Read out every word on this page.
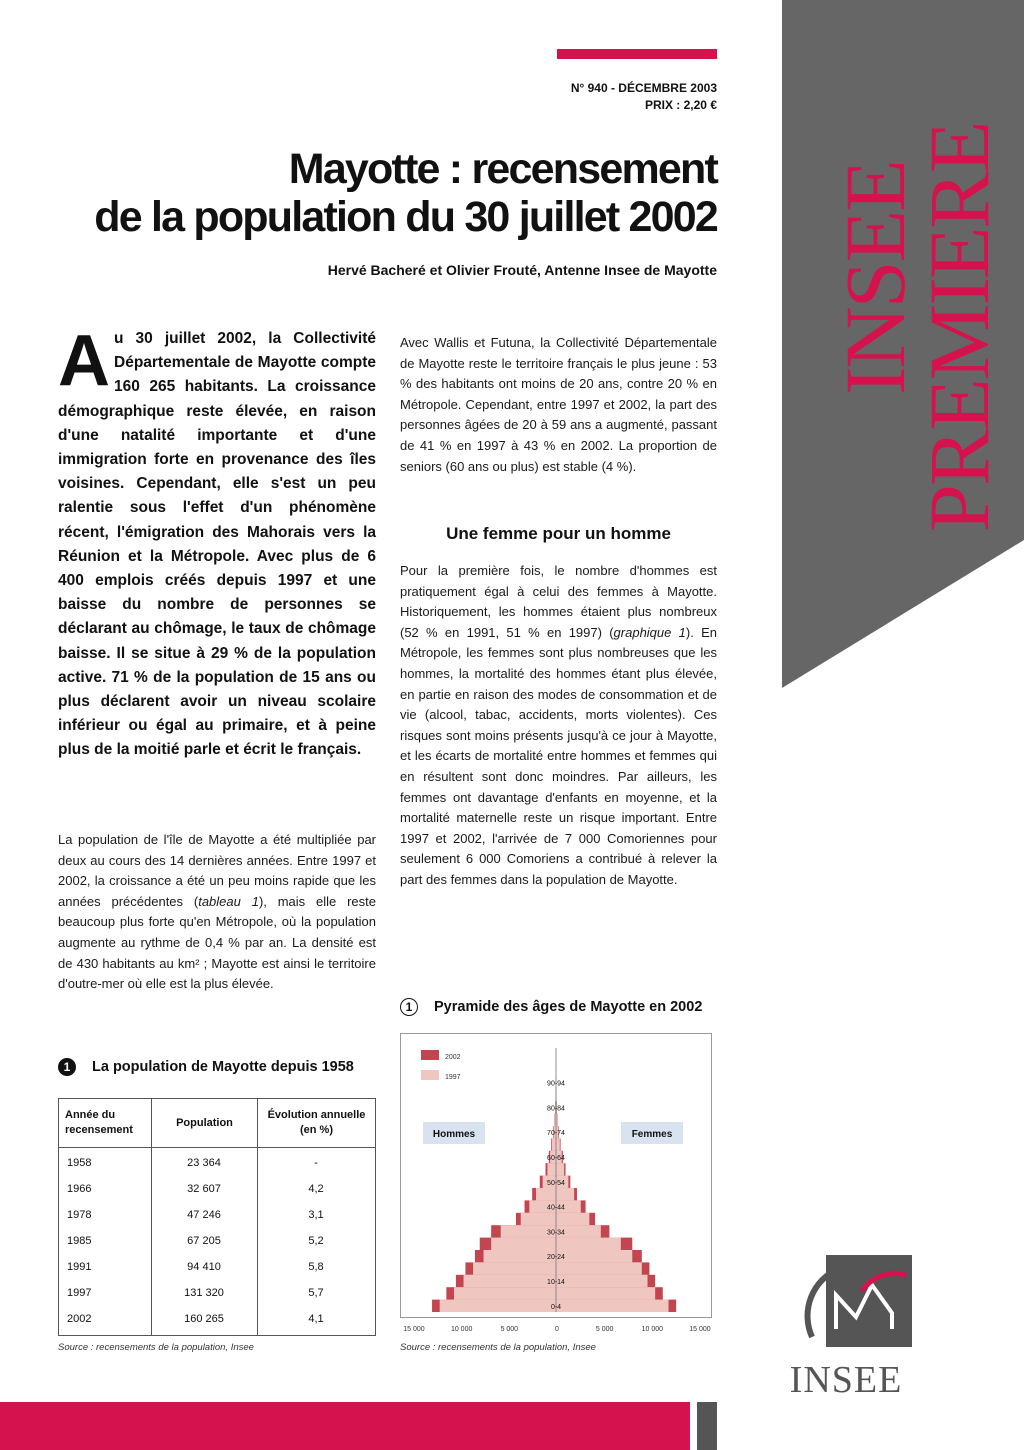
INSEE
PREMIERE
N° 940 - DÉCEMBRE 2003
PRIX : 2,20 €
Mayotte : recensement
de la population du 30 juillet 2002
Hervé Bacheré et Olivier Frouté, Antenne Insee de Mayotte

Au 30 juillet 2002, la Collectivité Départementale de Mayotte compte 160 265 habitants. La croissance démographique reste élevée, en raison d'une natalité importante et d'une immigration forte en provenance des îles voisines. Cependant, elle s'est un peu ralentie sous l'effet d'un phénomène récent, l'émigration des Mahorais vers la Réunion et la Métropole. Avec plus de 6 400 emplois créés depuis 1997 et une baisse du nombre de personnes se déclarant au chômage, le taux de chômage baisse. Il se situe à 29 % de la population active. 71 % de la population de 15 ans ou plus déclarent avoir un niveau scolaire inférieur ou égal au primaire, et à peine plus de la moitié parle et écrit le français.

La population de l'île de Mayotte a été multipliée par deux au cours des 14 dernières années. Entre 1997 et 2002, la croissance a été un peu moins rapide que les années précédentes (tableau 1), mais elle reste beaucoup plus forte qu'en Métropole, où la population augmente au rythme de 0,4 % par an. La densité est de 430 habitants au km² ; Mayotte est ainsi le territoire d'outre-mer où elle est la plus élevée.

Avec Wallis et Futuna, la Collectivité Départementale de Mayotte reste le territoire français le plus jeune : 53 % des habitants ont moins de 20 ans, contre 20 % en Métropole. Cependant, entre 1997 et 2002, la part des personnes âgées de 20 à 59 ans a augmenté, passant de 41 % en 1997 à 43 % en 2002. La proportion de seniors (60 ans ou plus) est stable (4 %).

Une femme pour un homme

Pour la première fois, le nombre d'hommes est pratiquement égal à celui des femmes à Mayotte. Historiquement, les hommes étaient plus nombreux (52 % en 1991, 51 % en 1997) (graphique 1). En Métropole, les femmes sont plus nombreuses que les hommes, la mortalité des hommes étant plus élevée, en partie en raison des modes de consommation et de vie (alcool, tabac, accidents, morts violentes). Ces risques sont moins présents jusqu'à ce jour à Mayotte, et les écarts de mortalité entre hommes et femmes qui en résultent sont donc moindres. Par ailleurs, les femmes ont davantage d'enfants en moyenne, et la mortalité maternelle reste un risque important. Entre 1997 et 2002, l'arrivée de 7 000 Comoriennes pour seulement 6 000 Comoriens a contribué à relever la part des femmes dans la population de Mayotte.

1 La population de Mayotte depuis 1958
Année du recensement
Population
Évolution annuelle (en %)
1958	23 364	-
1966	32 607	4,2
1978	47 246	3,1
1985	67 205	5,2
1991	94 410	5,8
1997	131 320	5,7
2002	160 265	4,1
Source : recensements de la population, Insee
1 Pyramide des âges de Mayotte en 2002
0-4
10-14
20-24
30-34
40-44
50-54
60-64
70-74
80-84
90-94
2002
1997
Hommes	Femmes
15 000	10 000	5 000	0	5 000	10 000	15 000
Source : recensements de la population, Insee
INSEE
